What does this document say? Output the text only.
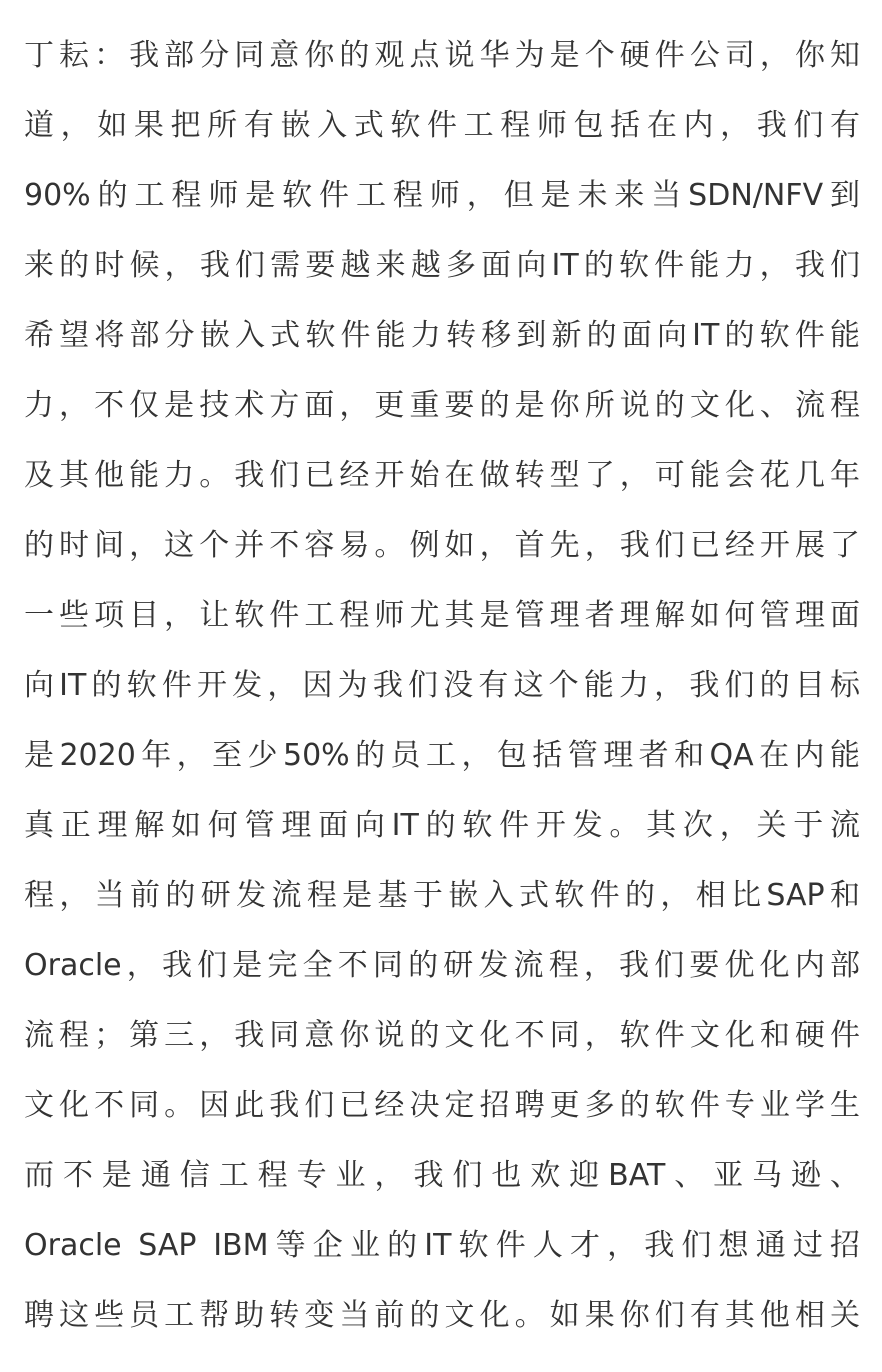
丁耘：我部分同意你的观点说华为是个硬件公司，你知
道，如果把所有嵌入式软件工程师包括在内，我们有
90%的工程师是软件工程师，但是未来当SDN/NFV到
来的时候，我们需要越来越多面向IT的软件能力，我们
希望将部分嵌入式软件能力转移到新的面向IT的软件能
力，不仅是技术方面，更重要的是你所说的文化、流程
及其他能力。我们已经开始在做转型了，可能会花几年
的时间，这个并不容易。例如，首先，我们已经开展了
一些项目，让软件工程师尤其是管理者理解如何管理面
向IT的软件开发，因为我们没有这个能力，我们的目标
是2020年，至少50%的员工，包括管理者和QA在内能
真正理解如何管理面向IT的软件开发。其次，关于流
程，当前的研发流程是基于嵌入式软件的，相比SAP和
Oracle，我们是完全不同的研发流程，我们要优化内部
流程；第三，我同意你说的文化不同，软件文化和硬件
文化不同。因此我们已经决定招聘更多的软件专业学生
而不是通信工程专业，我们也欢迎BAT、亚马逊、
Oracle SAP IBM等企业的IT软件人才，我们想通过招
聘这些员工帮助转变当前的文化。如果你们有其他相关
